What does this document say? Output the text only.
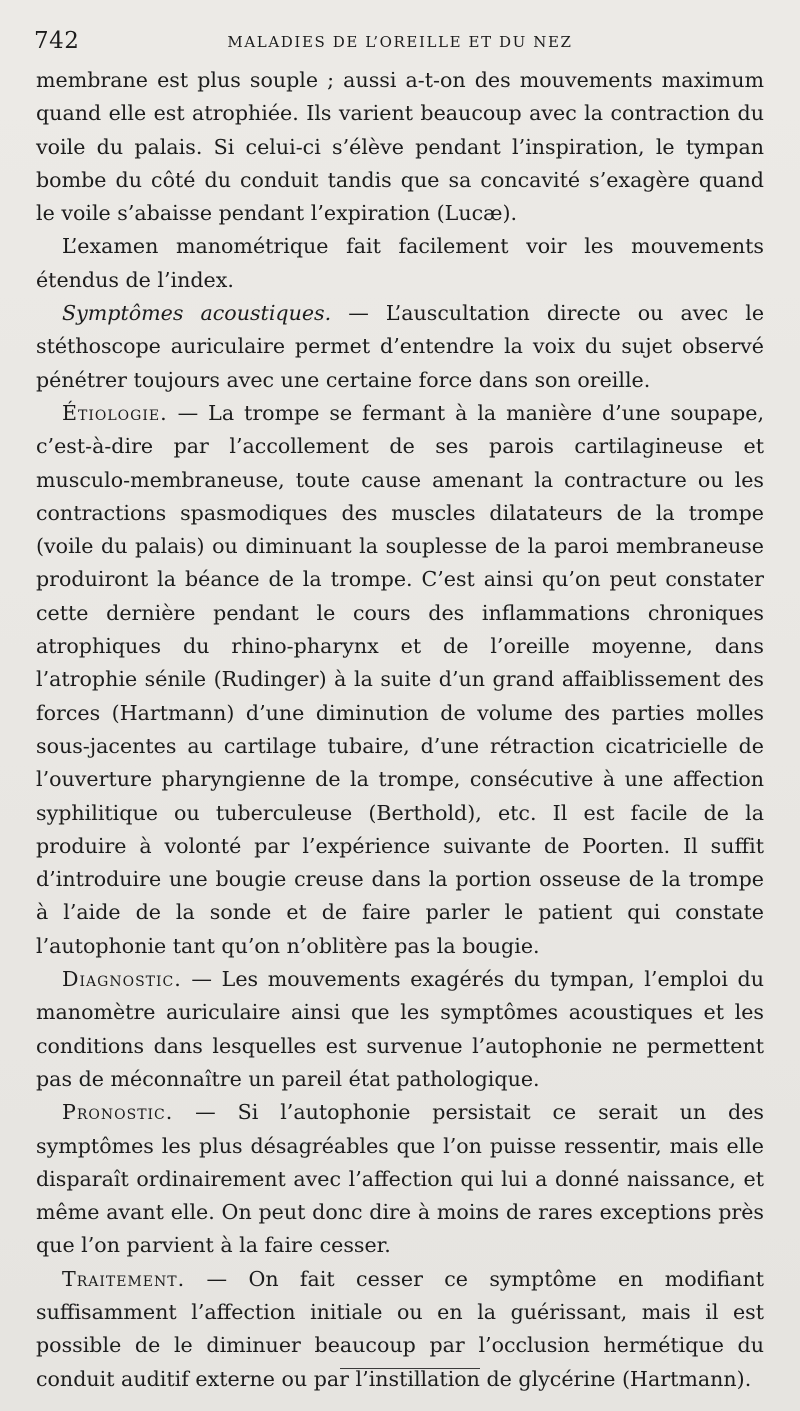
742	MALADIES DE L’OREILLE ET DU NEZ

membrane est plus souple ; aussi a-t-on des mouvements maximum quand elle est atrophiée. Ils varient beaucoup avec la contraction du voile du palais. Si celui-ci s’élève pendant l’inspiration, le tympan bombe du côté du conduit tandis que sa concavité s’exagère quand le voile s’abaisse pendant l’expiration (Lucæ).

L’examen manométrique fait facilement voir les mouvements étendus de l’index.

Symptômes acoustiques. — L’auscultation directe ou avec le stéthoscope auriculaire permet d’entendre la voix du sujet observé pénétrer toujours avec une certaine force dans son oreille.

Étiologie. — La trompe se fermant à la manière d’une soupape, c’est-à-dire par l’accollement de ses parois cartilagineuse et musculo-membraneuse, toute cause amenant la contracture ou les contractions spasmodiques des muscles dilatateurs de la trompe (voile du palais) ou diminuant la souplesse de la paroi membraneuse produiront la béance de la trompe. C’est ainsi qu’on peut constater cette dernière pendant le cours des inflammations chroniques atrophiques du rhino-pharynx et de l’oreille moyenne, dans l’atrophie sénile (Rudinger) à la suite d’un grand affaiblissement des forces (Hartmann) d’une diminution de volume des parties molles sous-jacentes au cartilage tubaire, d’une rétraction cicatricielle de l’ouverture pharyngienne de la trompe, consécutive à une affection syphilitique ou tuberculeuse (Berthold), etc. Il est facile de la produire à volonté par l’expérience suivante de Poorten. Il suffit d’introduire une bougie creuse dans la portion osseuse de la trompe à l’aide de la sonde et de faire parler le patient qui constate l’autophonie tant qu’on n’oblitère pas la bougie.

Diagnostic. — Les mouvements exagérés du tympan, l’emploi du manomètre auriculaire ainsi que les symptômes acoustiques et les conditions dans lesquelles est survenue l’autophonie ne permettent pas de méconnaître un pareil état pathologique.

Pronostic. — Si l’autophonie persistait ce serait un des symptômes les plus désagréables que l’on puisse ressentir, mais elle disparaît ordinairement avec l’affection qui lui a donné naissance, et même avant elle. On peut donc dire à moins de rares exceptions près que l’on parvient à la faire cesser.

Traitement. — On fait cesser ce symptôme en modifiant suffisamment l’affection initiale ou en la guérissant, mais il est possible de le diminuer beaucoup par l’occlusion hermétique du conduit auditif externe ou par l’instillation de glycérine (Hartmann).
